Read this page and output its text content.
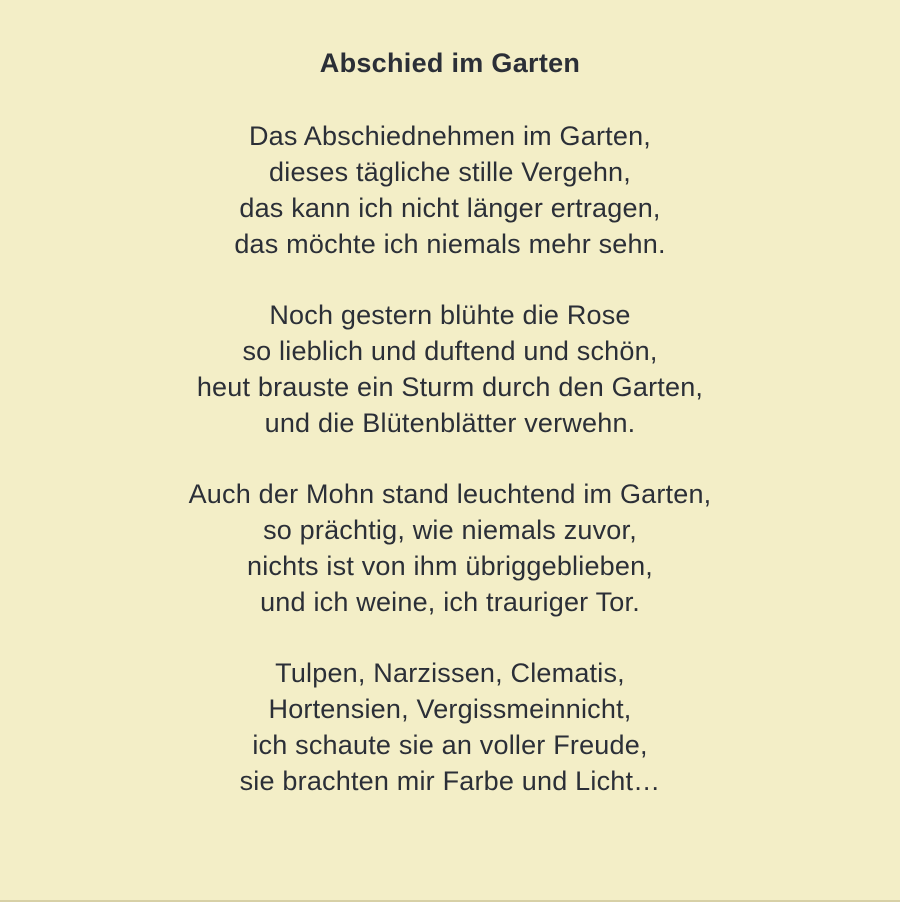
Abschied im Garten

Das Abschiednehmen im Garten,

dieses tägliche stille Vergehn,

das kann ich nicht länger ertragen,

das möchte ich niemals mehr sehn.

Noch gestern blühte die Rose

so lieblich und duftend und schön,

heut brauste ein Sturm durch den Garten,

und die Blütenblätter verwehn.

Auch der Mohn stand leuchtend im Garten,

so prächtig, wie niemals zuvor,

nichts ist von ihm übriggeblieben,

und ich weine, ich trauriger Tor.

Tulpen, Narzissen, Clematis,

Hortensien, Vergissmeinnicht,

ich schaute sie an voller Freude,

sie brachten mir Farbe und Licht…
